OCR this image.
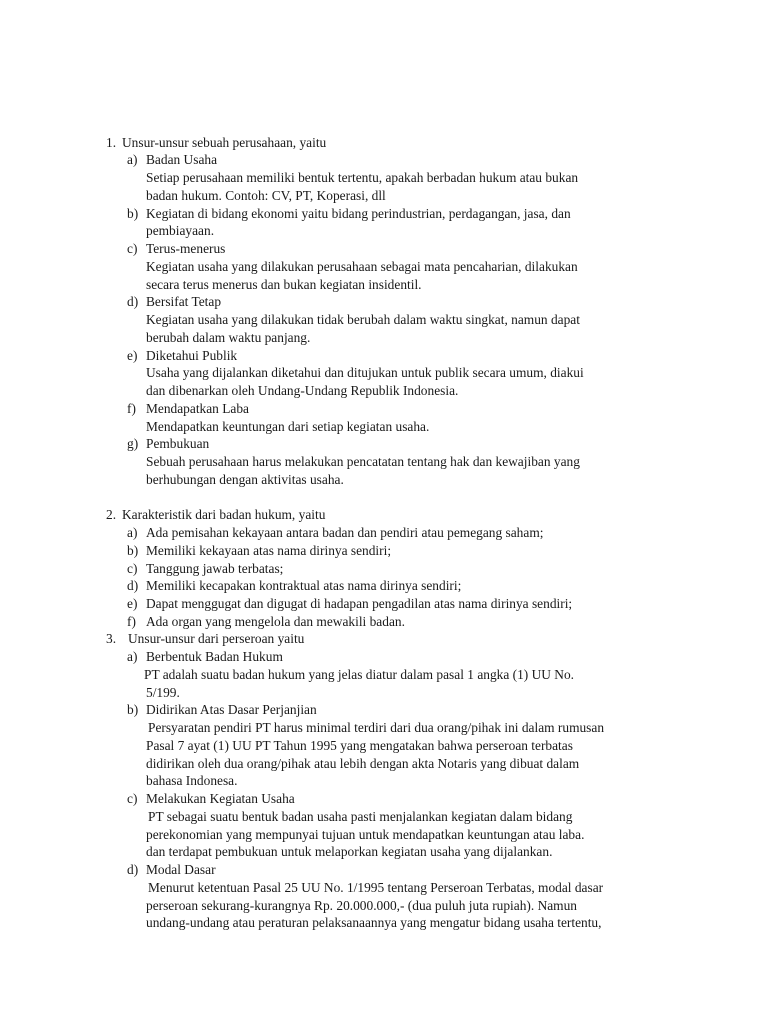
1. Unsur-unsur sebuah perusahaan, yaitu
a) Badan Usaha
Setiap perusahaan memiliki bentuk tertentu, apakah berbadan hukum atau bukan
badan hukum. Contoh: CV, PT, Koperasi, dll
b) Kegiatan di bidang ekonomi yaitu bidang perindustrian, perdagangan, jasa, dan
pembiayaan.
c) Terus-menerus
Kegiatan usaha yang dilakukan perusahaan sebagai mata pencaharian, dilakukan
secara terus menerus dan bukan kegiatan insidentil.
d) Bersifat Tetap
Kegiatan usaha yang dilakukan tidak berubah dalam waktu singkat, namun dapat
berubah dalam waktu panjang.
e) Diketahui Publik
Usaha yang dijalankan diketahui dan ditujukan untuk publik secara umum, diakui
dan dibenarkan oleh Undang-Undang Republik Indonesia.
f) Mendapatkan Laba
Mendapatkan keuntungan dari setiap kegiatan usaha.
g) Pembukuan
Sebuah perusahaan harus melakukan pencatatan tentang hak dan kewajiban yang
berhubungan dengan aktivitas usaha.
2. Karakteristik dari badan hukum, yaitu
a) Ada pemisahan kekayaan antara badan dan pendiri atau pemegang saham;
b) Memiliki kekayaan atas nama dirinya sendiri;
c) Tanggung jawab terbatas;
d) Memiliki kecapakan kontraktual atas nama dirinya sendiri;
e) Dapat menggugat dan digugat di hadapan pengadilan atas nama dirinya sendiri;
f) Ada organ yang mengelola dan mewakili badan.
3. Unsur-unsur dari perseroan yaitu
a) Berbentuk Badan Hukum
PT adalah suatu badan hukum yang jelas diatur dalam pasal 1 angka (1) UU No.
5/199.
b) Didirikan Atas Dasar Perjanjian
Persyaratan pendiri PT harus minimal terdiri dari dua orang/pihak ini dalam rumusan
Pasal 7 ayat (1) UU PT Tahun 1995 yang mengatakan bahwa perseroan terbatas
didirikan oleh dua orang/pihak atau lebih dengan akta Notaris yang dibuat dalam
bahasa Indonesa.
c) Melakukan Kegiatan Usaha
PT sebagai suatu bentuk badan usaha pasti menjalankan kegiatan dalam bidang
perekonomian yang mempunyai tujuan untuk mendapatkan keuntungan atau laba.
dan terdapat pembukuan untuk melaporkan kegiatan usaha yang dijalankan.
d) Modal Dasar
Menurut ketentuan Pasal 25 UU No. 1/1995 tentang Perseroan Terbatas, modal dasar
perseroan sekurang-kurangnya Rp. 20.000.000,- (dua puluh juta rupiah). Namun
undang-undang atau peraturan pelaksanaannya yang mengatur bidang usaha tertentu,
